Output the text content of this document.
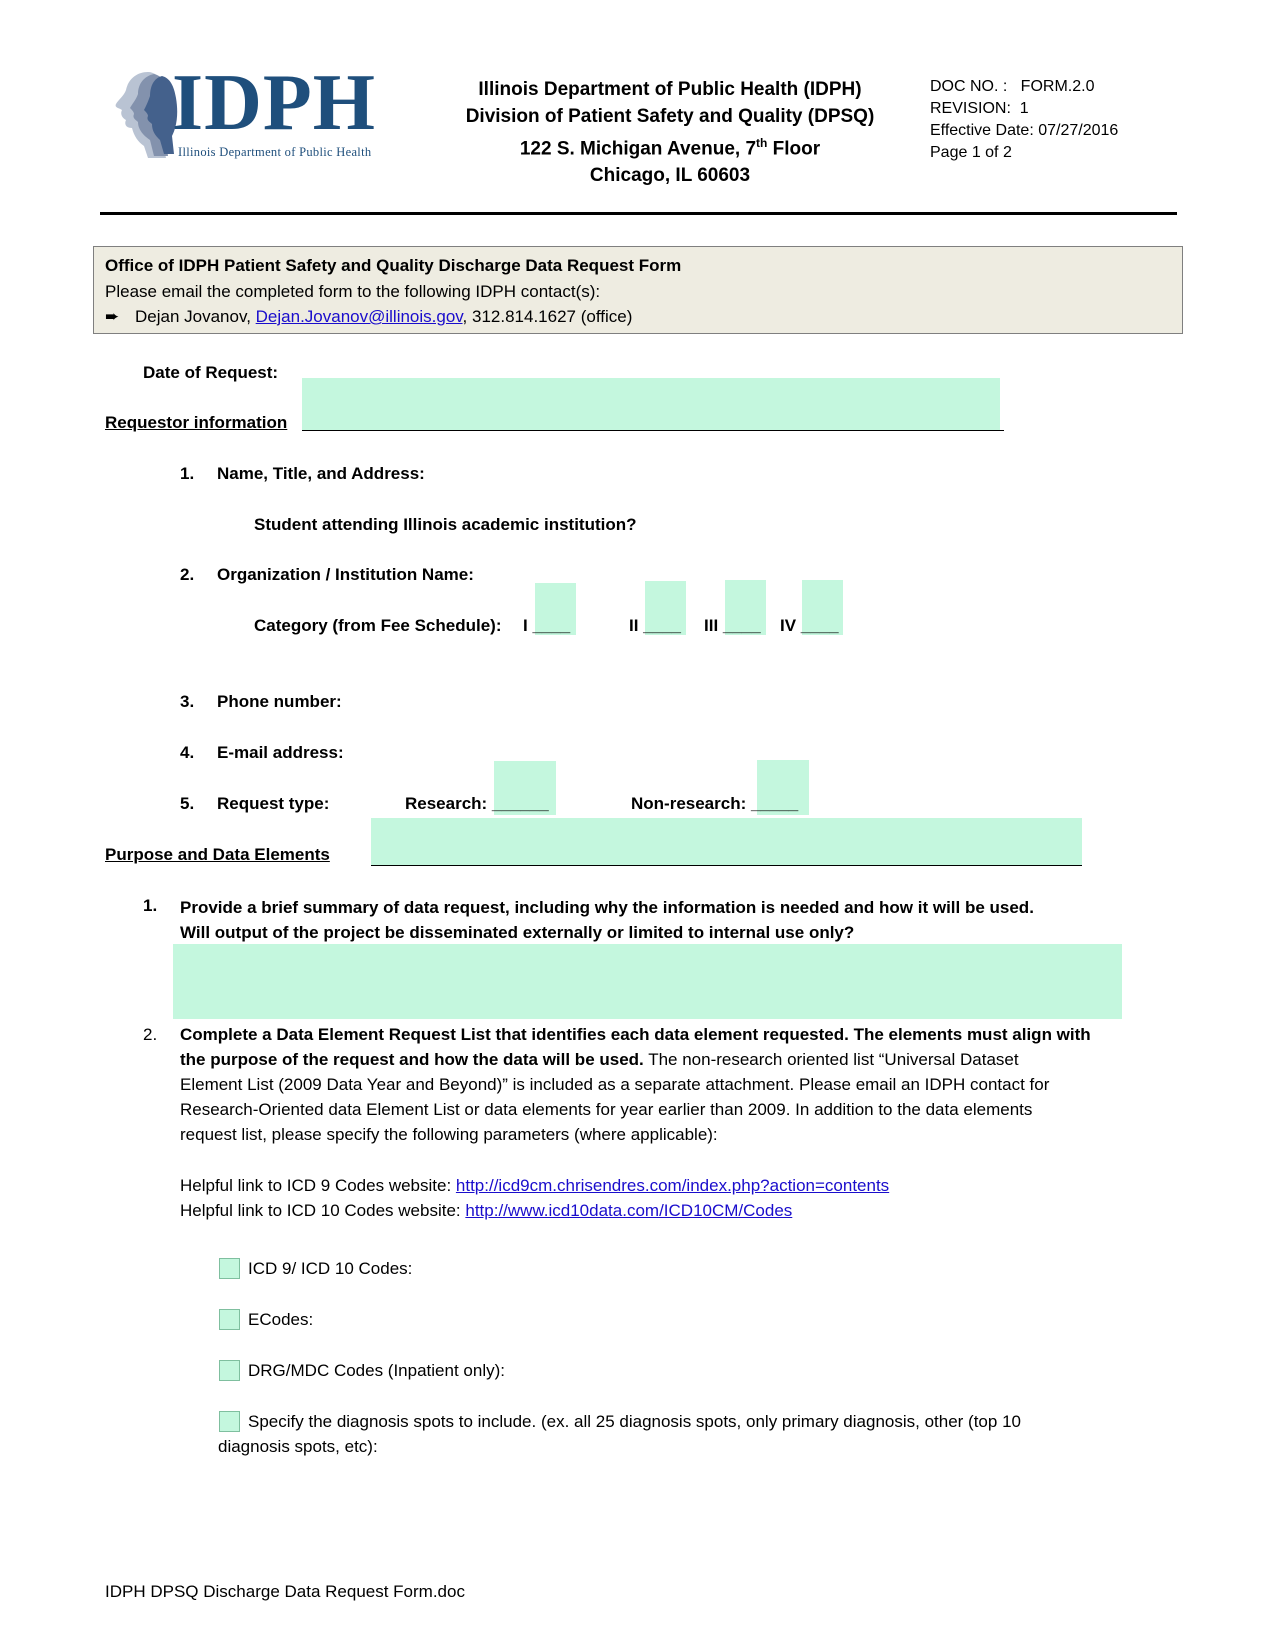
IDPH
Illinois Department of Public Health
Illinois Department of Public Health (IDPH)
Division of Patient Safety and Quality (DPSQ)
122 S. Michigan Avenue, 7th Floor
Chicago, IL 60603
DOC NO. :   FORM.2.0
REVISION:  1
Effective Date: 07/27/2016
Page 1 of 2
Office of IDPH Patient Safety and Quality Discharge Data Request Form
Please email the completed form to the following IDPH contact(s):
➨ Dejan Jovanov, Dejan.Jovanov@illinois.gov, 312.814.1627 (office)
Date of Request:
Requestor information
1. Name, Title, and Address:
Student attending Illinois academic institution?
2. Organization / Institution Name:
Category (from Fee Schedule): I ____	II ____ III ____ IV ____
3. Phone number:
4. E-mail address:
5. Request type:	Research: ______	Non-research: _____
Purpose and Data Elements
1. Provide a brief summary of data request, including why the information is needed and how it will be used.
Will output of the project be disseminated externally or limited to internal use only?
2. Complete a Data Element Request List that identifies each data element requested. The elements must align with
the purpose of the request and how the data will be used. The non-research oriented list “Universal Dataset
Element List (2009 Data Year and Beyond)” is included as a separate attachment. Please email an IDPH contact for
Research-Oriented data Element List or data elements for year earlier than 2009. In addition to the data elements
request list, please specify the following parameters (where applicable):
Helpful link to ICD 9 Codes website: http://icd9cm.chrisendres.com/index.php?action=contents
Helpful link to ICD 10 Codes website: http://www.icd10data.com/ICD10CM/Codes
ICD 9/ ICD 10 Codes:
ECodes:
DRG/MDC Codes (Inpatient only):
Specify the diagnosis spots to include. (ex. all 25 diagnosis spots, only primary diagnosis, other (top 10
diagnosis spots, etc):
IDPH DPSQ Discharge Data Request Form.doc
